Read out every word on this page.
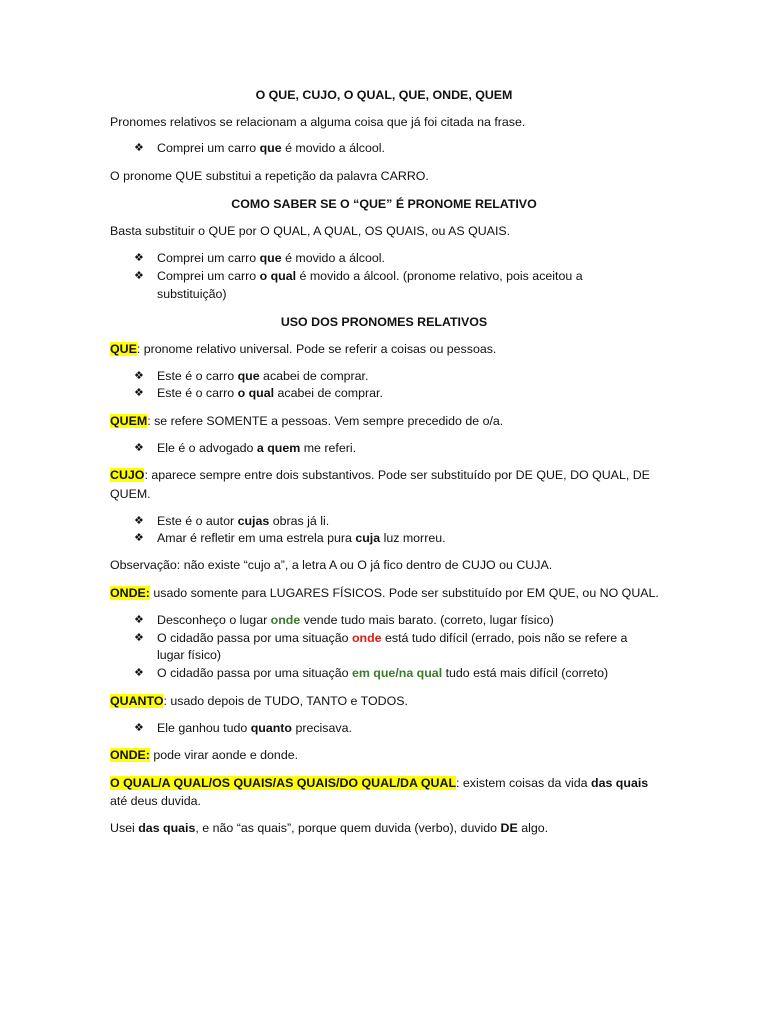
O QUE, CUJO, O QUAL, QUE, ONDE, QUEM
Pronomes relativos se relacionam a alguma coisa que já foi citada na frase.
❖ Comprei um carro que é movido a álcool.
O pronome QUE substitui a repetição da palavra CARRO.
COMO SABER SE O “QUE” É PRONOME RELATIVO
Basta substituir o QUE por O QUAL, A QUAL, OS QUAIS, ou AS QUAIS.
❖ Comprei um carro que é movido a álcool.
❖ Comprei um carro o qual é movido a álcool. (pronome relativo, pois aceitou a
substituição)
USO DOS PRONOMES RELATIVOS
QUE: pronome relativo universal. Pode se referir a coisas ou pessoas.
❖ Este é o carro que acabei de comprar.
❖ Este é o carro o qual acabei de comprar.
QUEM: se refere SOMENTE a pessoas. Vem sempre precedido de o/a.
❖ Ele é o advogado a quem me referi.
CUJO: aparece sempre entre dois substantivos. Pode ser substituído por DE QUE, DO QUAL, DE
QUEM.
❖ Este é o autor cujas obras já li.
❖ Amar é refletir em uma estrela pura cuja luz morreu.
Observação: não existe “cujo a”, a letra A ou O já fico dentro de CUJO ou CUJA.
ONDE: usado somente para LUGARES FÍSICOS. Pode ser substituído por EM QUE, ou NO QUAL.
❖ Desconheço o lugar onde vende tudo mais barato. (correto, lugar físico)
❖ O cidadão passa por uma situação onde está tudo difícil (errado, pois não se refere a
lugar físico)
❖ O cidadão passa por uma situação em que/na qual tudo está mais difícil (correto)
QUANTO: usado depois de TUDO, TANTO e TODOS.
❖ Ele ganhou tudo quanto precisava.
ONDE: pode virar aonde e donde.
O QUAL/A QUAL/OS QUAIS/AS QUAIS/DO QUAL/DA QUAL: existem coisas da vida das quais
até deus duvida.
Usei das quais, e não “as quais”, porque quem duvida (verbo), duvido DE algo.
